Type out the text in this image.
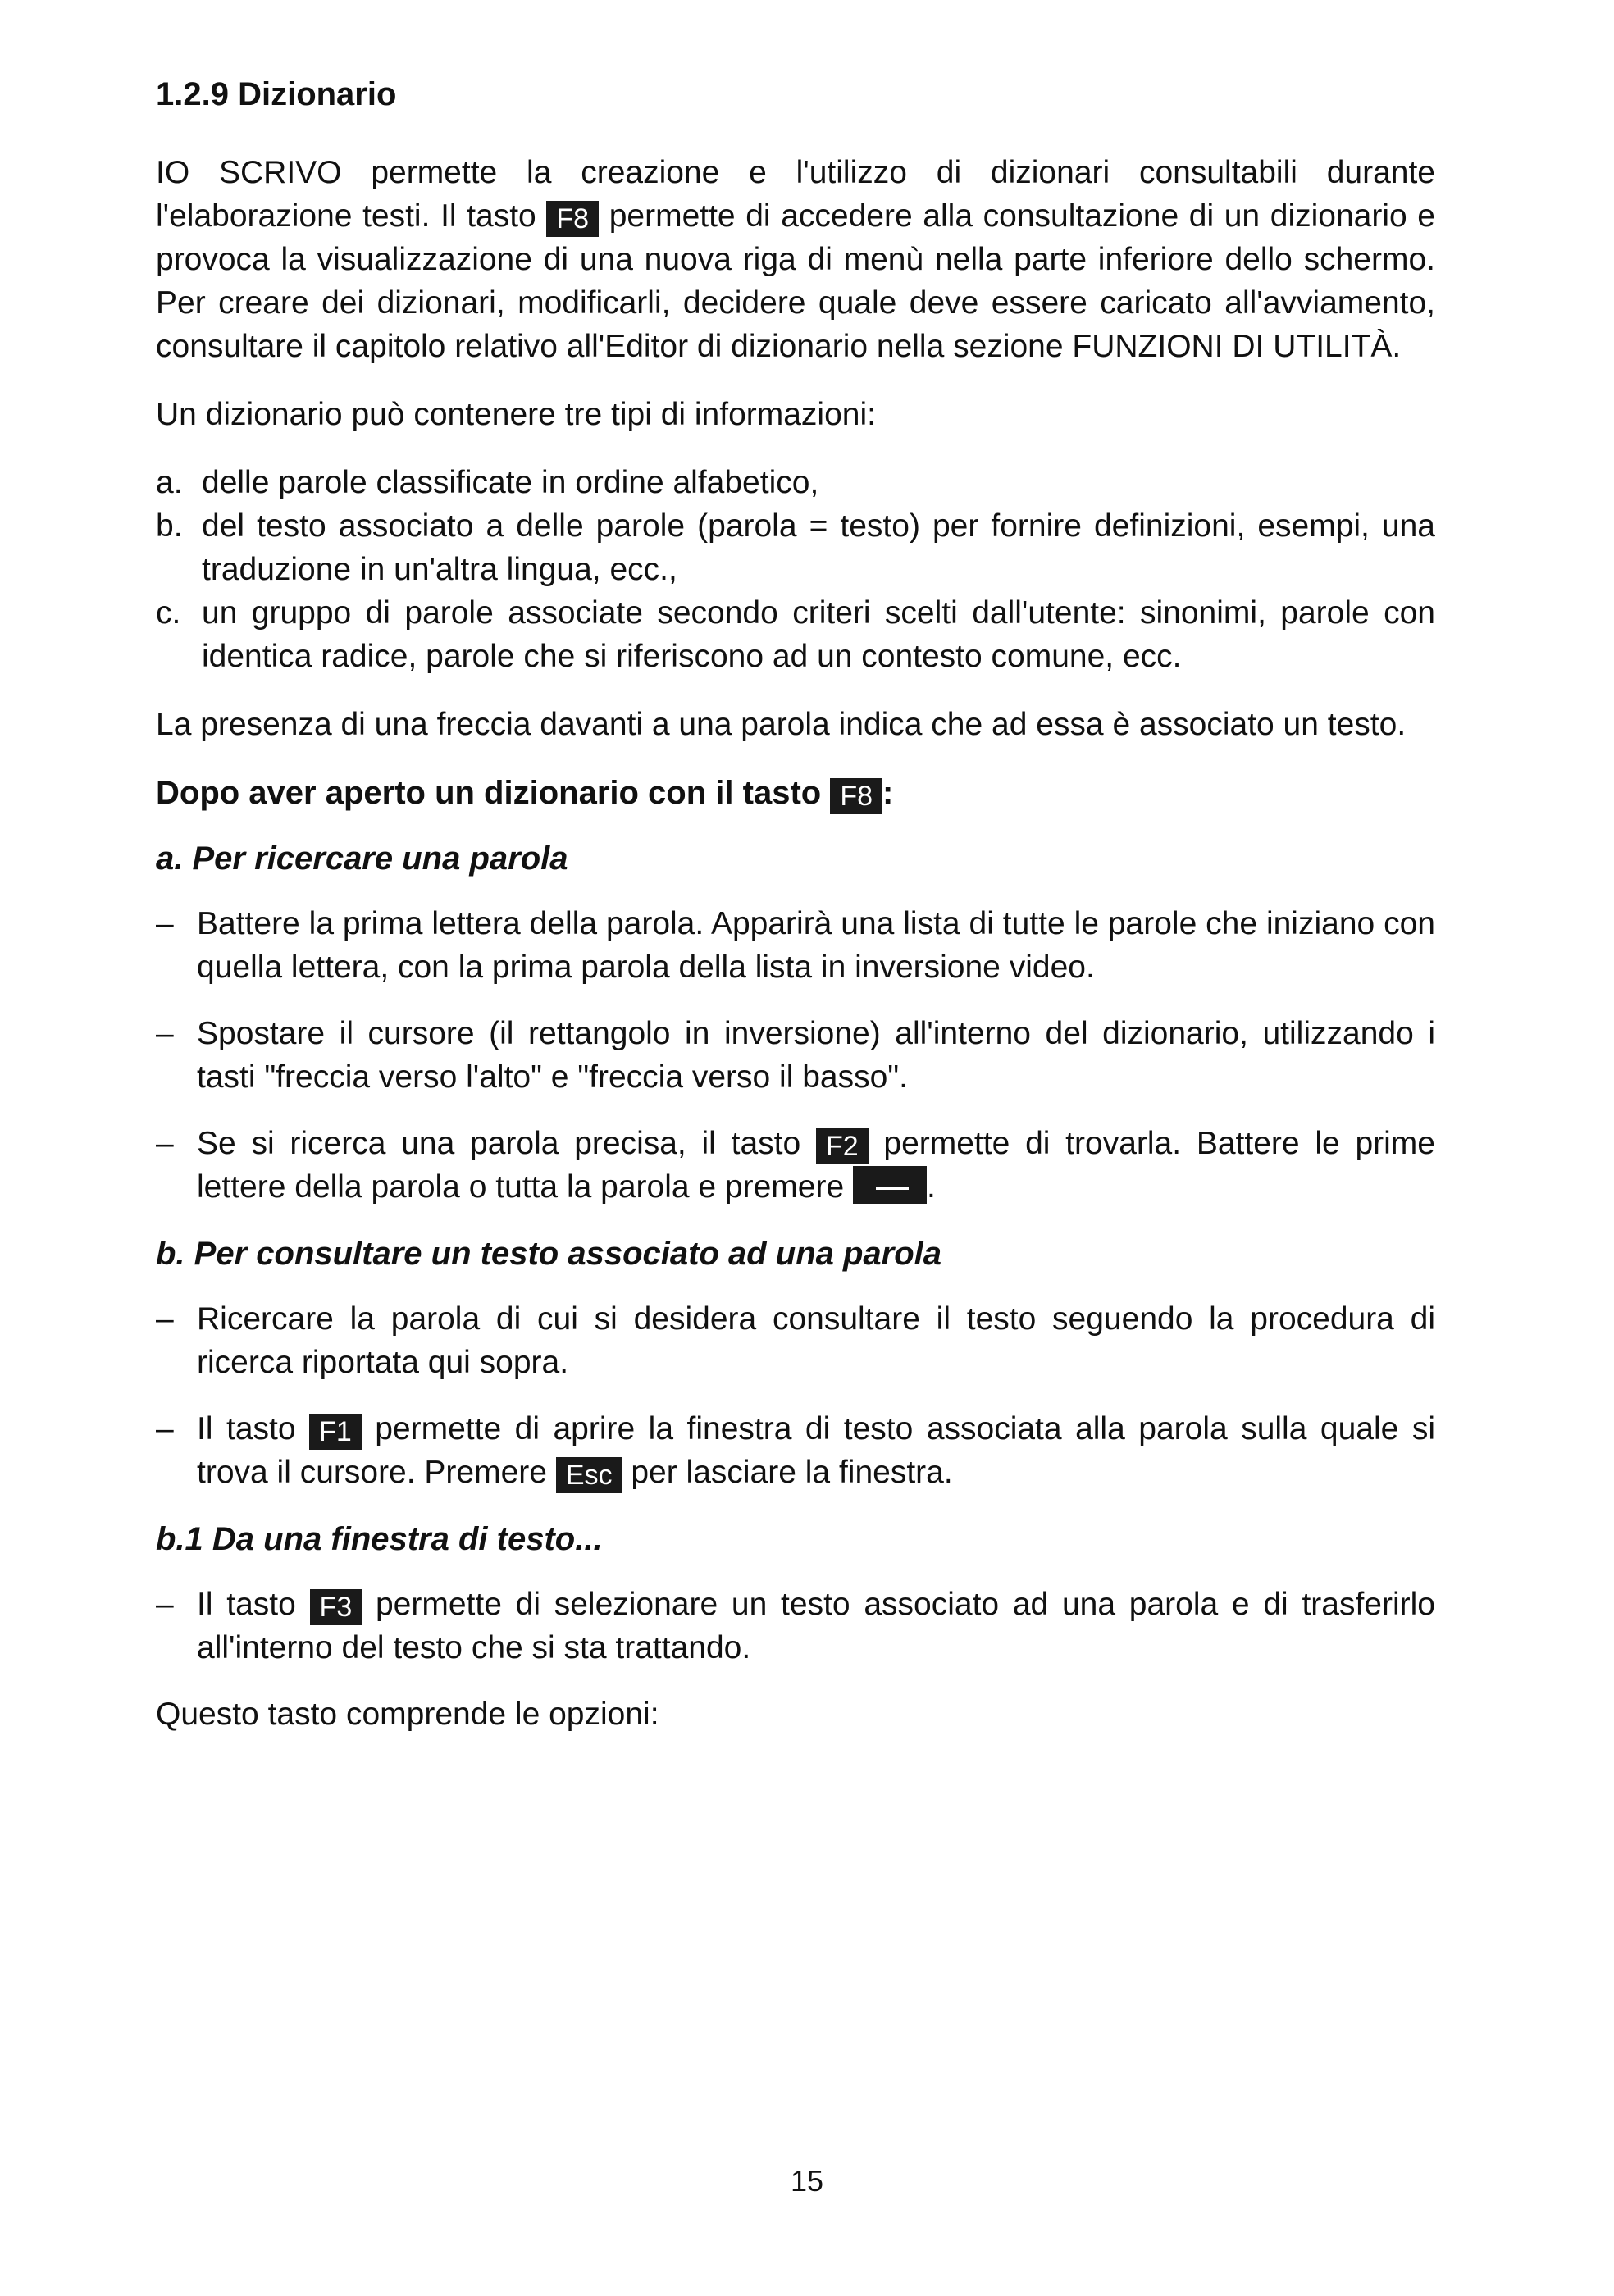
1.2.9 Dizionario

IO SCRIVO permette la creazione e l'utilizzo di dizionari consultabili durante l'elaborazione testi. Il tasto F8 permette di accedere alla consultazione di un dizionario e provoca la visualizzazione di una nuova riga di menù nella parte inferiore dello schermo. Per creare dei dizionari, modificarli, decidere quale deve essere caricato all'avviamento, consultare il capitolo relativo all'Editor di dizionario nella sezione FUNZIONI DI UTILITÀ.

Un dizionario può contenere tre tipi di informazioni:

a. delle parole classificate in ordine alfabetico,
b. del testo associato a delle parole (parola = testo) per fornire definizioni, esempi, una traduzione in un'altra lingua, ecc.,
c. un gruppo di parole associate secondo criteri scelti dall'utente: sinonimi, parole con identica radice, parole che si riferiscono ad un contesto comune, ecc.

La presenza di una freccia davanti a una parola indica che ad essa è associato un testo.

Dopo aver aperto un dizionario con il tasto F8 :
a. Per ricercare una parola
– Battere la prima lettera della parola. Apparirà una lista di tutte le parole che iniziano con quella lettera, con la prima parola della lista in inversione video.
– Spostare il cursore (il rettangolo in inversione) all'interno del dizionario, utilizzando i tasti "freccia verso l'alto" e "freccia verso il basso".
– Se si ricerca una parola precisa, il tasto F2 permette di trovarla. Battere le prime lettere della parola o tutta la parola e premere .
b. Per consultare un testo associato ad una parola
– Ricercare la parola di cui si desidera consultare il testo seguendo la procedura di ricerca riportata qui sopra.
– Il tasto F1 permette di aprire la finestra di testo associata alla parola sulla quale si trova il cursore. Premere Esc per lasciare la finestra.
b.1 Da una finestra di testo...
– Il tasto F3 permette di selezionare un testo associato ad una parola e di trasferirlo all'interno del testo che si sta trattando.

Questo tasto comprende le opzioni:

15
